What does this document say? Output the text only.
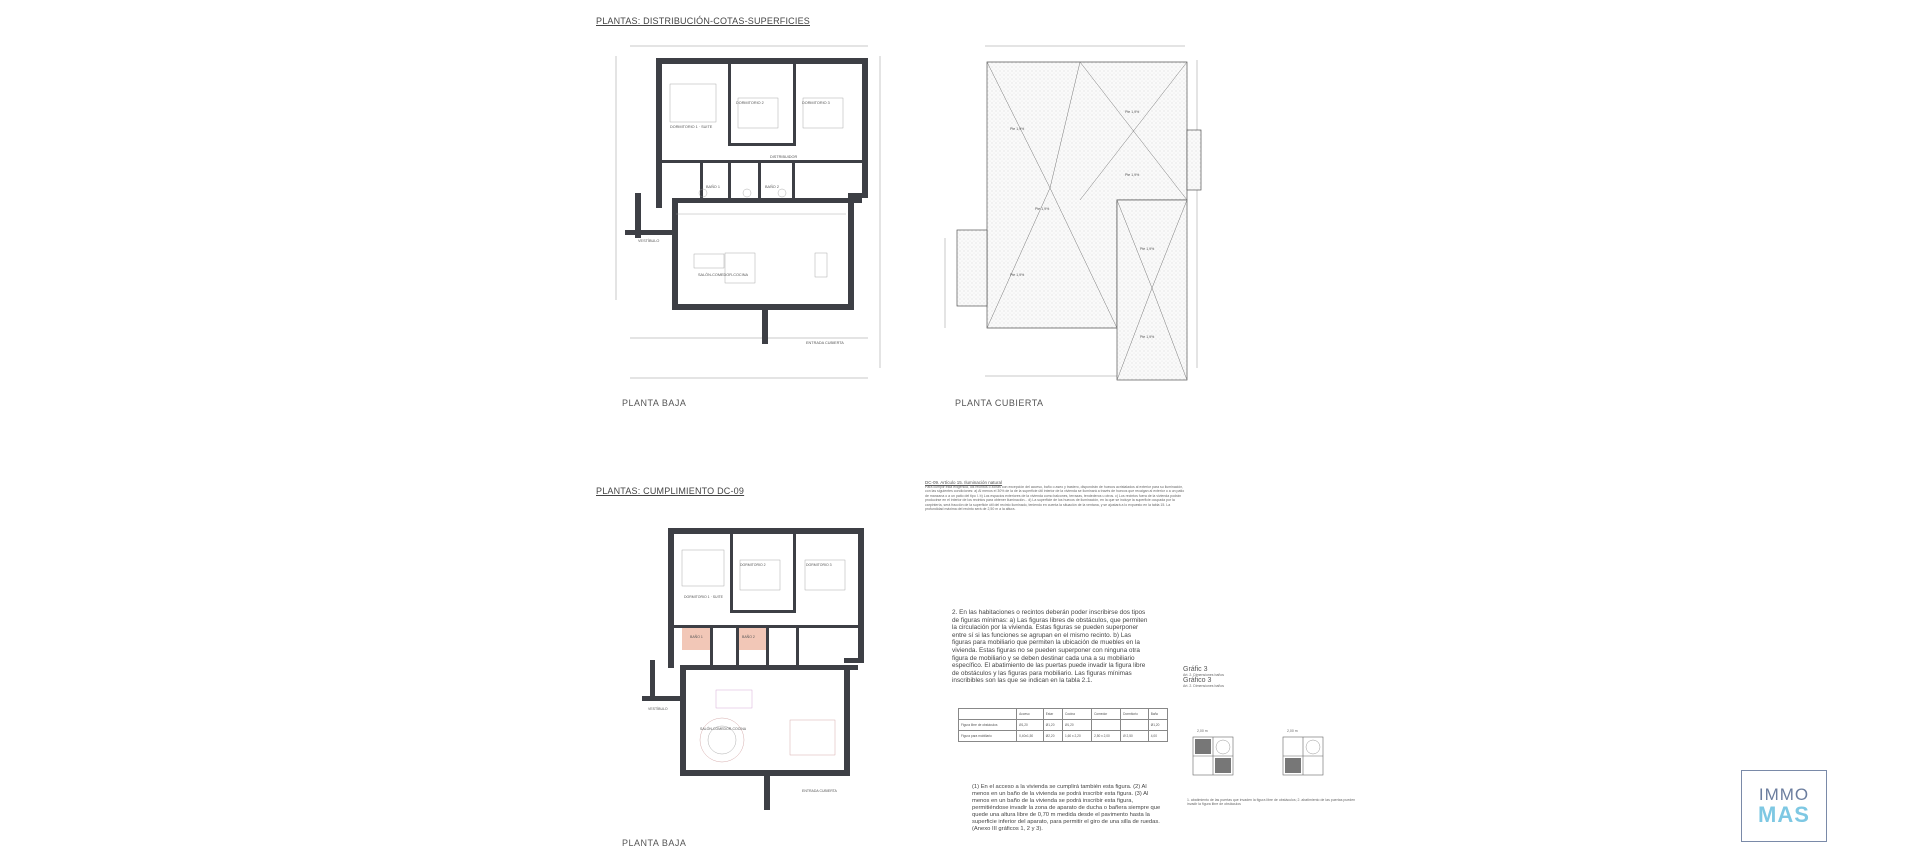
PLANTAS: DISTRIBUCIÓN-COTAS-SUPERFICIES
DORMITORIO 1 · SUITE
DORMITORIO 2	DORMITORIO 3
DISTRIBUIDOR
BAÑO 1	BAÑO 2
VESTÍBULO
SALÓN-COMEDOR-COCINA
ENTRADA CUBIERTA
PLANTA BAJA
Pte 1,9%
Pte 1,9%
Pte 1,9%
Pte 1,9%
Pte 1,9%
Pte 1,9%
Pte 1,9%
PLANTA CUBIERTA
PLANTAS: CUMPLIMIENTO DC-09
DORMITORIO 1 · SUITE
DORMITORIO 2	DORMITORIO 3
BAÑO 1	BAÑO 2
VESTÍBULO
SALÓN-COMEDOR-COCINA
ENTRADA CUBIERTA
PLANTA BAJA
DC-09. Artículo 15. Iluminación natural
Para cumplir esta exigencia, los recintos o zonas con excepción del acceso, baño o aseo y trastero, dispondrán de huecos acristalados al exterior para su iluminación, con las siguientes condiciones: a) Al menos el 30% de la de la superficie útil interior de la vivienda se iluminará a través de huecos que recaigan al exterior o a un patio de manzana o a un patio del tipo I. b) Los espacios exteriores de la vivienda como balcones, terrazas, tendederos u otros. c) Los recintos fuera de la vivienda podrán producirse en el interior de los recintos para obtener iluminación... d) La superficie de los huecos de iluminación, en la que se incluye la superficie ocupada por la carpintería, será fracción de la superficie útil del recinto iluminado, teniendo en cuenta la situación de la ventana, y se ajustará a lo expuesto en la tabla 15. La profundidad máxima del recinto será de 2,50 m a la altura.
2. En las habitaciones o recintos deberán poder inscribirse dos tipos de figuras mínimas: a) Las figuras libres de obstáculos, que permiten la circulación por la vivienda. Estas figuras se pueden superponer entre sí si las funciones se agrupan en el mismo recinto. b) Las figuras para mobiliario que permiten la ubicación de muebles en la vivienda. Estas figuras no se pueden superponer con ninguna otra figura de mobiliario y se deben destinar cada una a su mobiliario específico. El abatimiento de las puertas puede invadir la figura libre de obstáculos y las figuras para mobiliario. Las figuras mínimas inscribibles son las que se indican en la tabla 2.1.
	Acceso	Estar	Cocina	Comedor	Dormitorio	Baño
Figura libre de obstáculos	Ø1,20	Ø1,20	Ø1,20			Ø1,20
Figura para mobiliario	0,40x1,50	Ø2,20	1,60 x 2,20	2,50 x 2,00	Ø 2,50	4,00
(1) En el acceso a la vivienda se cumplirá también esta figura. (2) Al menos en un baño de la vivienda se podrá inscribir esta figura. (3) Al menos en un baño de la vivienda se podrá inscribir esta figura, permitiéndose invadir la zona de aparato de ducha o bañera siempre que quede una altura libre de 0,70 m medida desde el pavimento hasta la superficie inferior del aparato, para permitir el giro de una silla de ruedas. (Anexo III gráficos 1, 2 y 3).
Gráfic 3
Art. 2. Dimensiones baños
Gráfico 3
Art. 2. Dimensiones baños
2,00 m	2,00 m
1. abatimiento de las puertas que invaden la figura libre de obstáculos; 2. abatimiento de las puertas pueden invadir la figura libre de obstáculos
IMMO
MAS
